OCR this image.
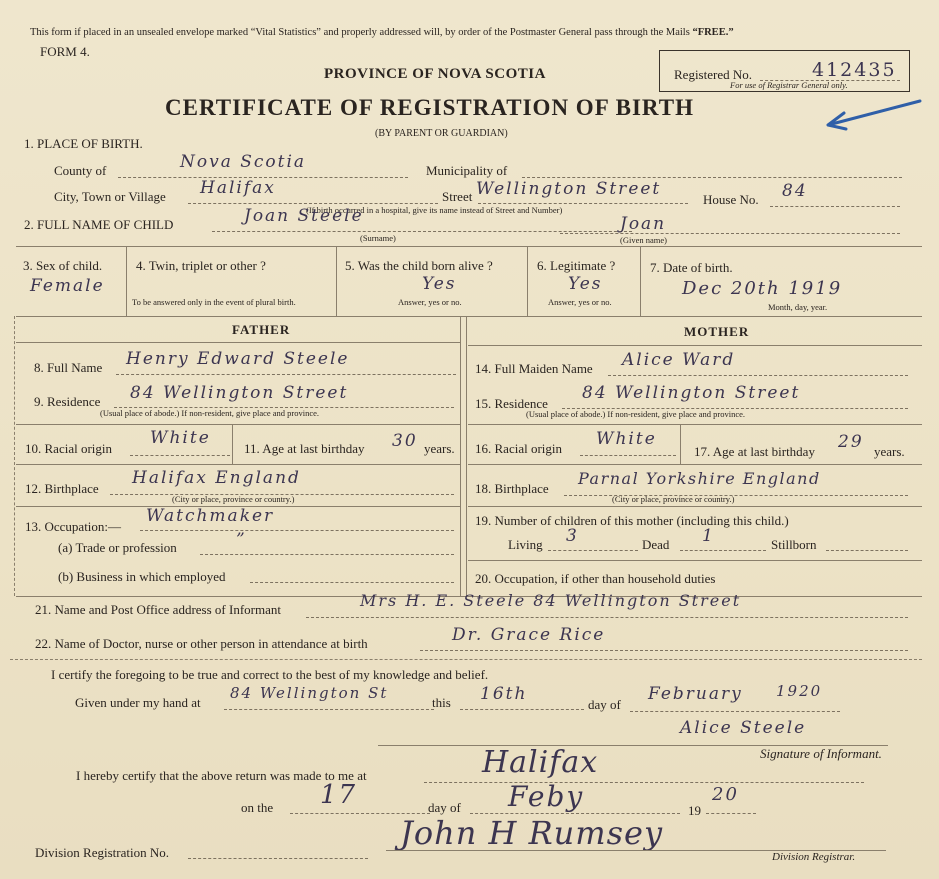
This form if placed in an unsealed envelope marked “Vital Statistics” and properly addressed will, by order of the Postmaster General pass through the Mails “FREE.”
FORM 4.
PROVINCE OF NOVA SCOTIA
CERTIFICATE OF REGISTRATION OF BIRTH
(BY PARENT OR GUARDIAN)
Registered No.	412435
For use of Registrar General only.
1. PLACE OF BIRTH.
County of	Nova Scotia	Municipality of
City, Town or Village Halifax	Street Wellington Street
(If birth occurred in a hospital, give its name instead of Street and Number)
House No. 84
2. FULL NAME OF CHILD	Joan Steele
(Surname)
Joan
(Given name)
3. Sex of child.
Female
4. Twin, triplet or other ?
To be answered only in the event of plural birth.
5. Was the child born alive ?
Yes
Answer, yes or no.
6. Legitimate ?
Yes
Answer, yes or no.
7. Date of birth.
Dec 20th 1919
Month, day, year.
FATHER	MOTHER
8. Full Name Henry Edward Steele
9. Residence 84 Wellington Street
(Usual place of abode.) If non-resident, give place and province.
10. Racial origin
White
11. Age at last birthday 30 years.
12. Birthplace
Halifax England
(City or place, province or country.)
13. Occupation:—
Watchmaker
(a) Trade or profession	”
(b) Business in which employed
14. Full Maiden Name Alice Ward
15. Residence
84 Wellington Street
(Usual place of abode.) If non-resident, give place and province.
16. Racial origin White
17. Age at last birthday 29 years.
18. Birthplace
Parnal Yorkshire England
(City or place, province or country.)
19. Number of children of this mother (including this child.)
Living 3	Dead 1	Stillborn
20. Occupation, if other than household duties
21. Name and Post Office address of Informant	Mrs H. E. Steele 84 Wellington Street
22. Name of Doctor, nurse or other person in attendance at birth	Dr. Grace Rice
I certify the foregoing to be true and correct to the best of my knowledge and belief.
Given under my hand at
84 Wellington St
this 16th
day of
February 1920
Alice Steele
Signature of Informant.
I hereby certify that the above return was made to me at	Halifax
on the 17	day of Feby	19
20
Division Registration No.
John H Rumsey
Division Registrar.
